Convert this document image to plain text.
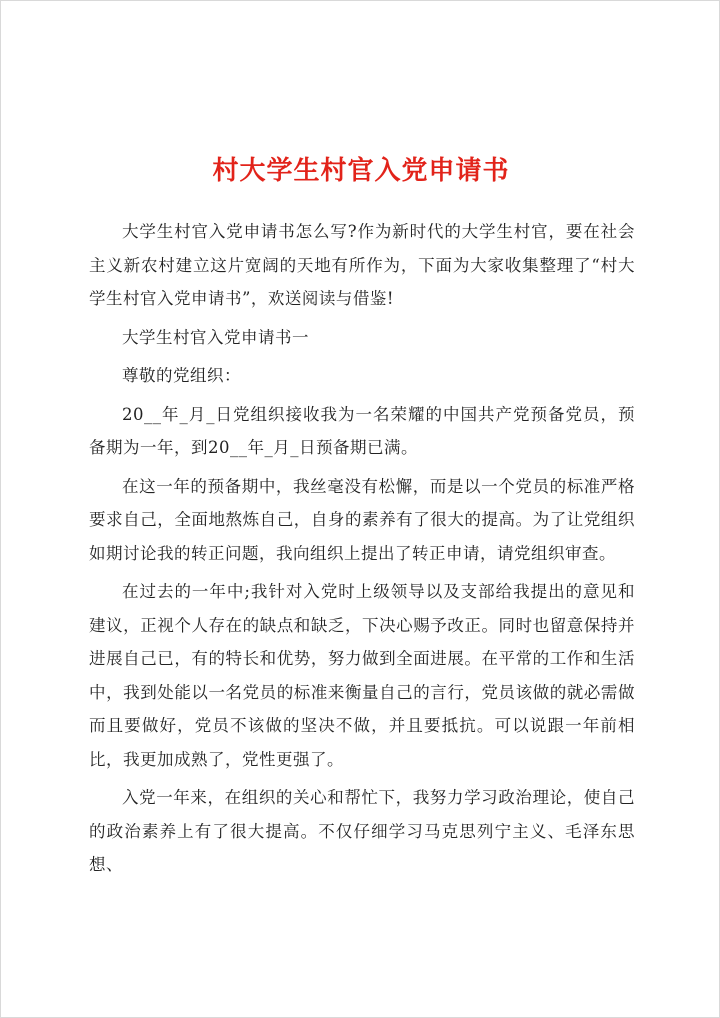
村大学生村官入党申请书

大学生村官入党申请书怎么写?作为新时代的大学生村官，要在社会主义新农村建立这片宽阔的天地有所作为，下面为大家收集整理了“村大学生村官入党申请书”，欢送阅读与借鉴!

大学生村官入党申请书一

尊敬的党组织：

20__年_月_日党组织接收我为一名荣耀的中国共产党预备党员，预备期为一年，到20__年_月_日预备期已满。

在这一年的预备期中，我丝毫没有松懈，而是以一个党员的标准严格要求自己，全面地熬炼自己，自身的素养有了很大的提高。为了让党组织如期讨论我的转正问题，我向组织上提出了转正申请，请党组织审查。

在过去的一年中;我针对入党时上级领导以及支部给我提出的意见和建议，正视个人存在的缺点和缺乏，下决心赐予改正。同时也留意保持并进展自己已，有的特长和优势，努力做到全面进展。在平常的工作和生活中，我到处能以一名党员的标准来衡量自己的言行，党员该做的就必需做而且要做好，党员不该做的坚决不做，并且要抵抗。可以说跟一年前相比，我更加成熟了，党性更强了。

入党一年来，在组织的关心和帮忙下，我努力学习政治理论，使自己的政治素养上有了很大提高。不仅仔细学习马克思列宁主义、毛泽东思想、
